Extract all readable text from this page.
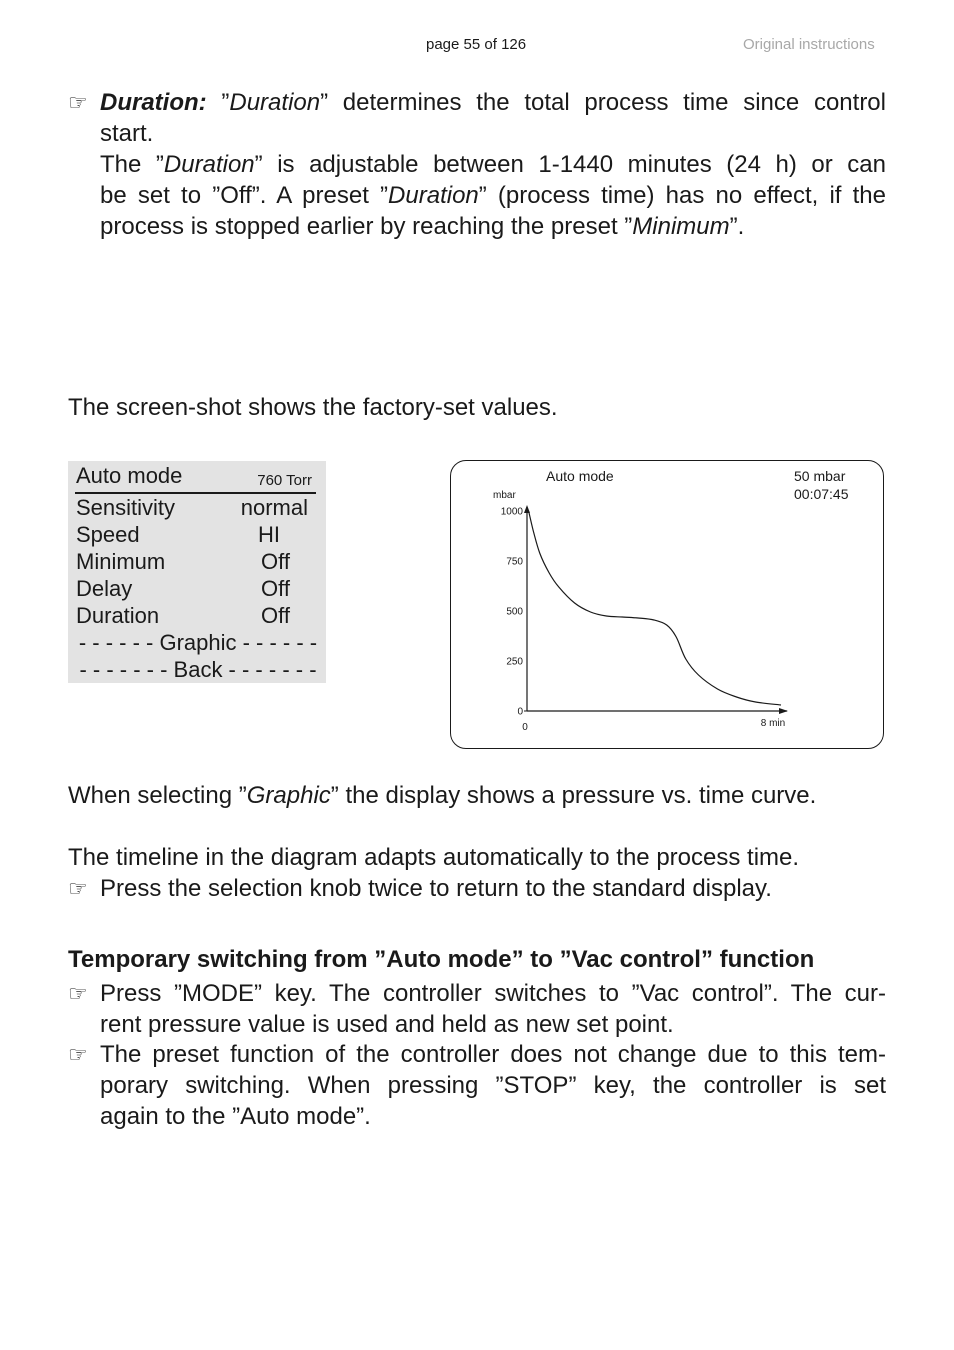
page 55 of 126	Original instructions
☞ Duration: ”Duration” determines the total process time since control
start.
The ”Duration” is adjustable between 1-1440 minutes (24 h) or can
be set to ”Off”. A preset ”Duration” (process time) has no effect, if the
process is stopped earlier by reaching the preset ”Minimum”.
The screen-shot shows the factory-set values.
Auto mode	760 Torr
Sensitivity	normal
Speed	HI
Minimum	Off
Delay	Off
Duration	Off
- - - - - - Graphic - - - - - -
- - - - - - - Back - - - - - - -
Auto mode	50 mbar
00:07:45
mbar
0
250
500
750
1000
0	8 min
When selecting ”Graphic” the display shows a pressure vs. time curve.
The timeline in the diagram adapts automatically to the process time.
☞ Press the selection knob twice to return to the standard display.
Temporary switching from ”Auto mode” to ”Vac control” function
☞ Press ”MODE” key. The controller switches to ”Vac control”. The cur-
rent pressure value is used and held as new set point.
☞ The preset function of the controller does not change due to this tem-
porary switching. When pressing ”STOP” key, the controller is set
again to the ”Auto mode”.
